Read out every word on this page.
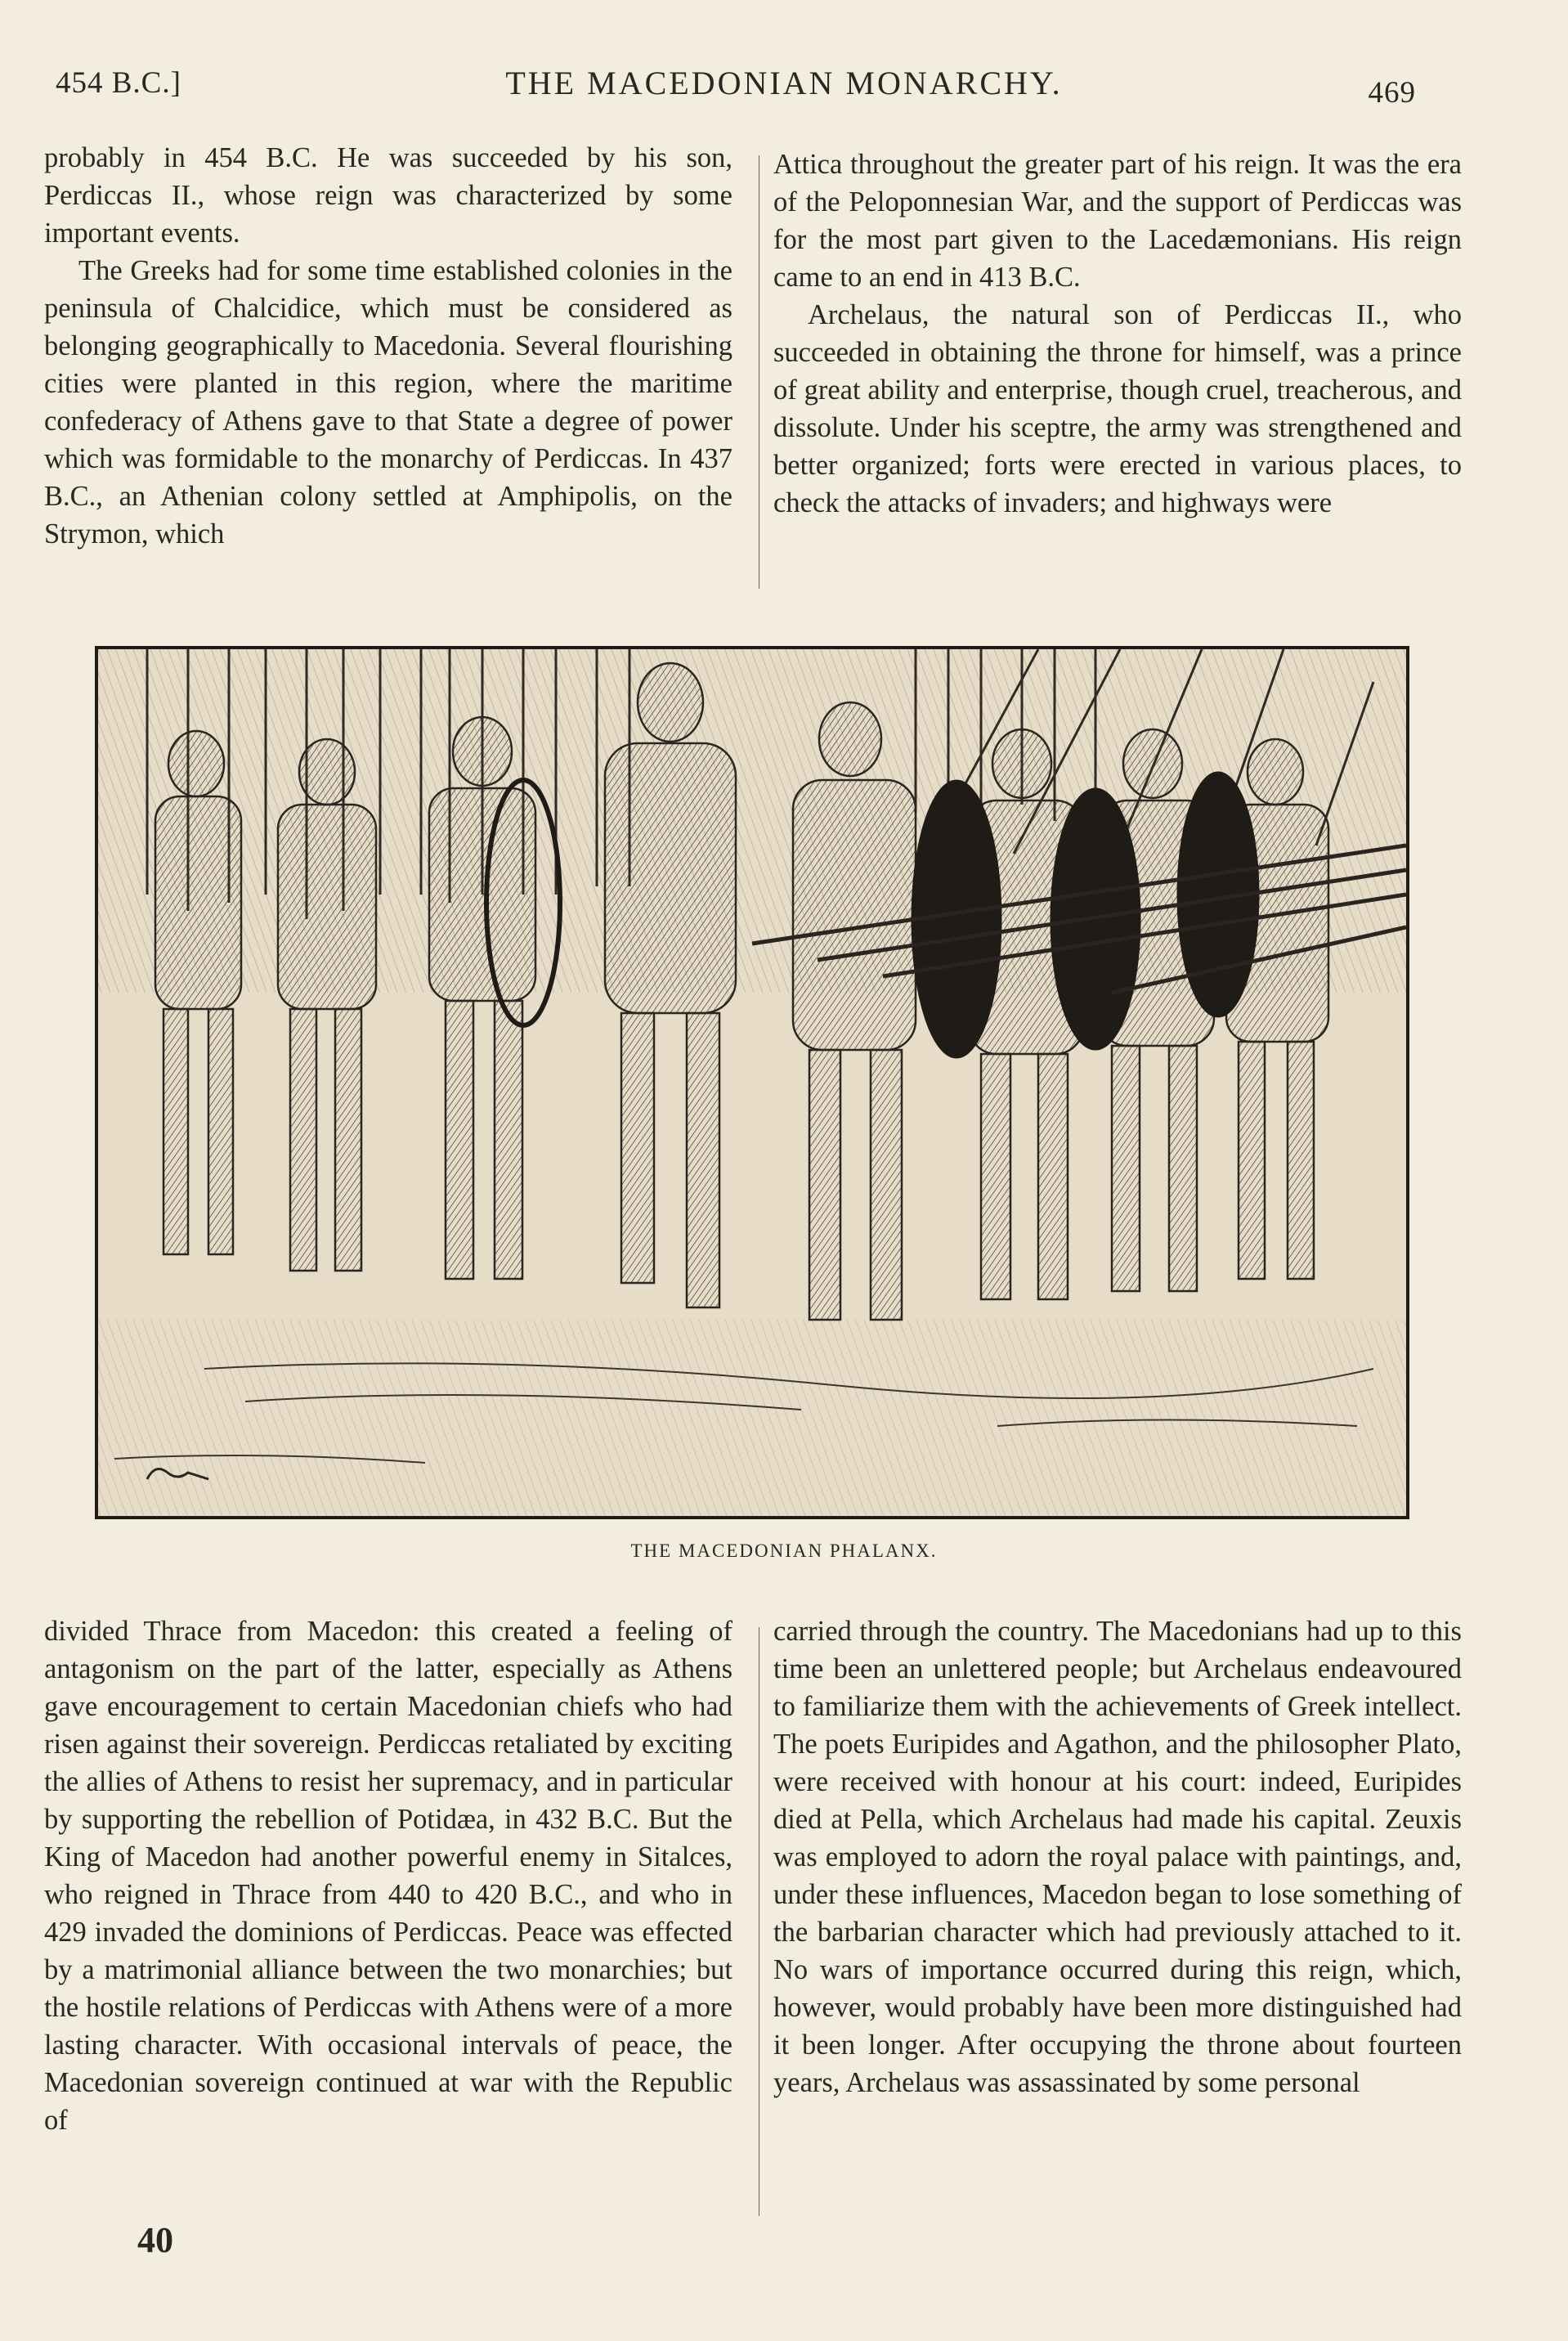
454 B.C.]	THE MACEDONIAN MONARCHY.	469

probably in 454 B.C. He was succeeded by his son, Perdiccas II., whose reign was characterized by some important events.

The Greeks had for some time established colonies in the peninsula of Chalcidice, which must be considered as belonging geographically to Macedonia. Several flourishing cities were planted in this region, where the maritime confederacy of Athens gave to that State a degree of power which was formidable to the monarchy of Perdiccas. In 437 B.C., an Athenian colony settled at Amphipolis, on the Strymon, which

Attica throughout the greater part of his reign. It was the era of the Peloponnesian War, and the support of Perdiccas was for the most part given to the Lacedæmonians. His reign came to an end in 413 B.C.

Archelaus, the natural son of Perdiccas II., who succeeded in obtaining the throne for himself, was a prince of great ability and enterprise, though cruel, treacherous, and dissolute. Under his sceptre, the army was strengthened and better organized; forts were erected in various places, to check the attacks of invaders; and highways were

THE MACEDONIAN PHALANX.

divided Thrace from Macedon: this created a feeling of antagonism on the part of the latter, especially as Athens gave encouragement to certain Macedonian chiefs who had risen against their sovereign. Perdiccas retaliated by exciting the allies of Athens to resist her supremacy, and in particular by supporting the rebellion of Potidæa, in 432 B.C. But the King of Macedon had another powerful enemy in Sitalces, who reigned in Thrace from 440 to 420 B.C., and who in 429 invaded the dominions of Perdiccas. Peace was effected by a matrimonial alliance between the two monarchies; but the hostile relations of Perdiccas with Athens were of a more lasting character. With occasional intervals of peace, the Macedonian sovereign continued at war with the Republic of

carried through the country. The Macedonians had up to this time been an unlettered people; but Archelaus endeavoured to familiarize them with the achievements of Greek intellect. The poets Euripides and Agathon, and the philosopher Plato, were received with honour at his court: indeed, Euripides died at Pella, which Archelaus had made his capital. Zeuxis was employed to adorn the royal palace with paintings, and, under these influences, Macedon began to lose something of the barbarian character which had previously attached to it. No wars of importance occurred during this reign, which, however, would probably have been more distinguished had it been longer. After occupying the throne about fourteen years, Archelaus was assassinated by some personal

40
